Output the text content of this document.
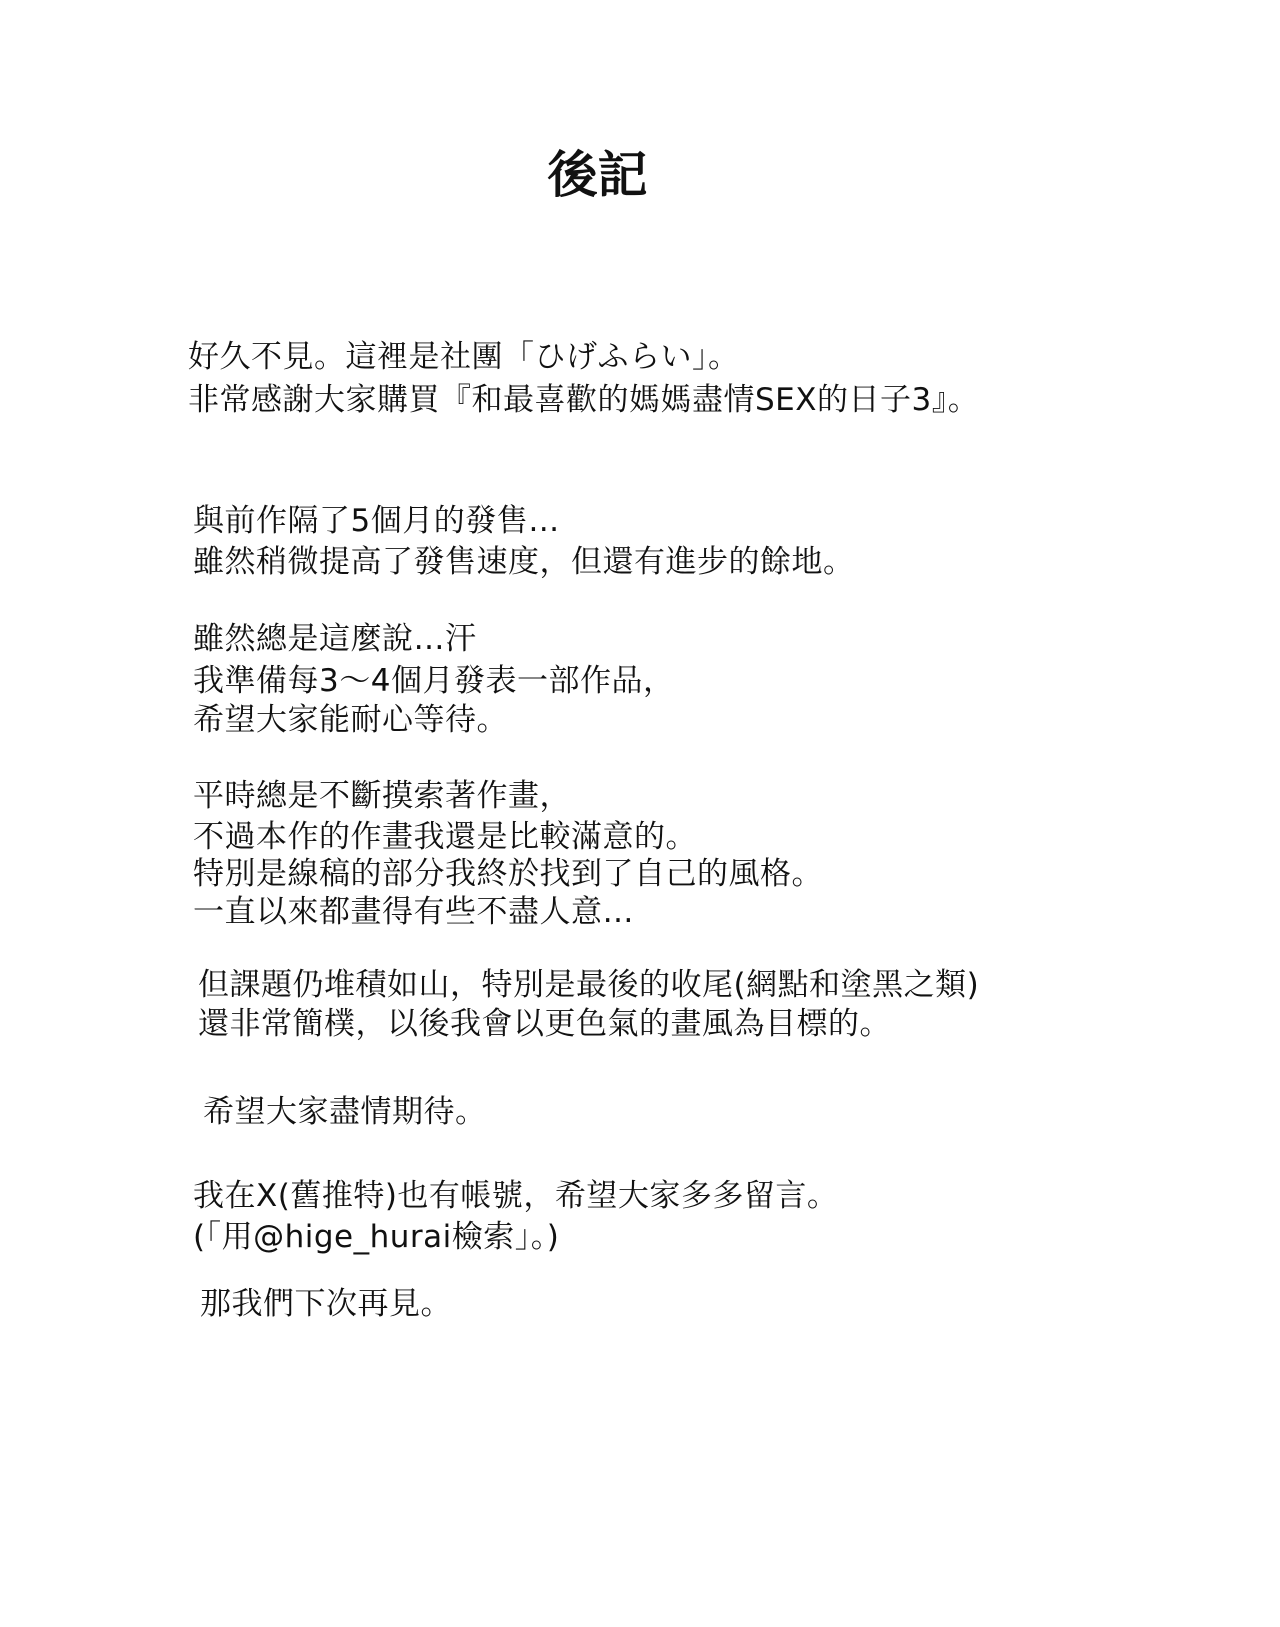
後記
好久不見。這裡是社團「ひげふらい」。
非常感謝大家購買『和最喜歡的媽媽盡情SEX的日子3』。
與前作隔了5個月的發售…
雖然稍微提高了發售速度，但還有進步的餘地。
雖然總是這麼說…汗
我準備每3〜4個月發表一部作品，
希望大家能耐心等待。
平時總是不斷摸索著作畫，
不過本作的作畫我還是比較滿意的。
特別是線稿的部分我終於找到了自己的風格。
一直以來都畫得有些不盡人意…
但課題仍堆積如山，特別是最後的收尾(網點和塗黑之類)
還非常簡樸，以後我會以更色氣的畫風為目標的。
希望大家盡情期待。
我在X(舊推特)也有帳號，希望大家多多留言。
(「用@hige_hurai檢索」。)
那我們下次再見。
